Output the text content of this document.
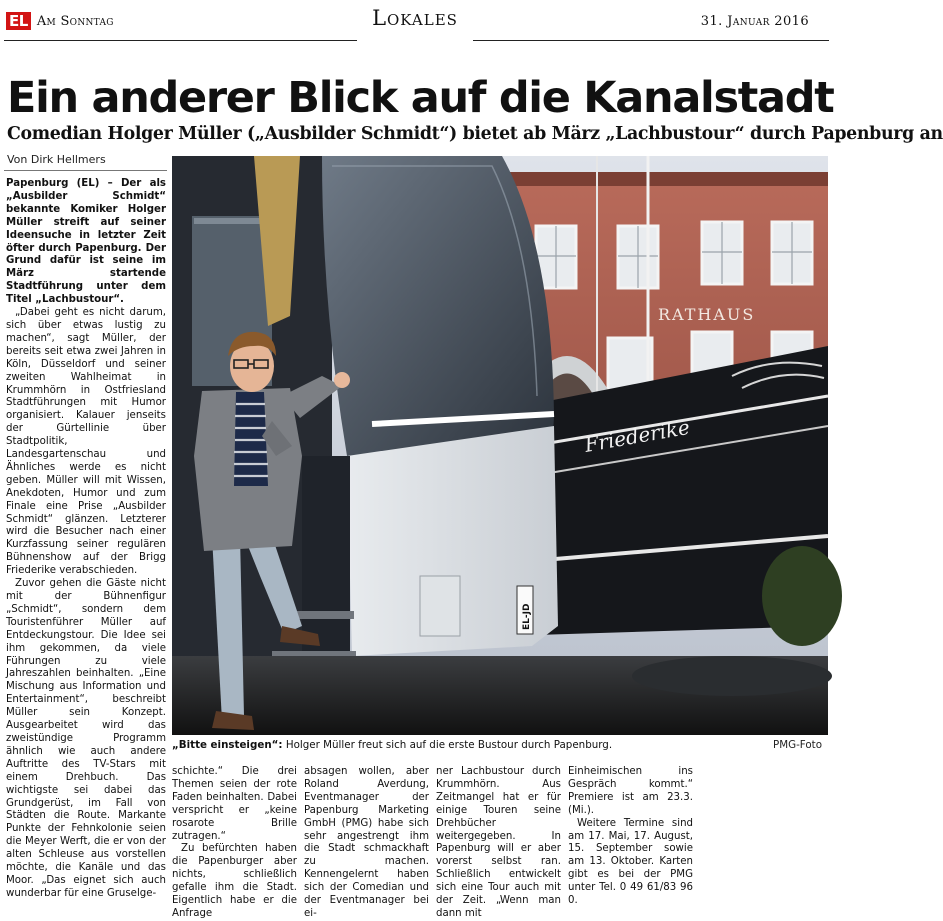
EL Am Sonntag	Lokales	31. Januar 2016
Ein anderer Blick auf die Kanalstadt
Comedian Holger Müller („Ausbilder Schmidt“) bietet ab März „Lachbustour“ durch Papenburg an
Von Dirk Hellmers

Papenburg (EL) – Der als „Ausbilder Schmidt“ bekannte Komiker Holger Müller streift auf seiner Ideensuche in letzter Zeit öfter durch Papenburg. Der Grund dafür ist seine im März startende Stadtführung unter dem Titel „Lachbustour“.

„Dabei geht es nicht darum, sich über etwas lustig zu machen“, sagt Müller, der bereits seit etwa zwei Jahren in Köln, Düsseldorf und seiner zweiten Wahlheimat in Krummhörn in Ostfriesland Stadtführungen mit Humor organisiert. Kalauer jenseits der Gürtellinie über Stadtpolitik, Landesgartenschau und Ähnliches werde es nicht geben. Müller will mit Wissen, Anekdoten, Humor und zum Finale eine Prise „Ausbilder Schmidt“ glänzen. Letzterer wird die Besucher nach einer Kurzfassung seiner regulären Bühnenshow auf der Brigg Friederike verabschieden.

Zuvor gehen die Gäste nicht mit der Bühnenfigur „Schmidt“, sondern dem Touristenführer Müller auf Entdeckungstour. Die Idee sei ihm gekommen, da viele Führungen zu viele Jahreszahlen beinhalten. „Eine Mischung aus Information und Entertainment“, beschreibt Müller sein Konzept. Ausgearbeitet wird das zweistündige Programm ähnlich wie auch andere Auftritte des TV-Stars mit einem Drehbuch. Das wichtigste sei dabei das Grundgerüst, im Fall von Städten die Route. Markante Punkte der Fehnkolonie seien die Meyer Werft, die er von der alten Schleuse aus vorstellen möchte, die Kanäle und das Moor. „Das eignet sich auch wunderbar für eine Gruselge-

RATHAUS
Friederike
EL-JD
„Bitte einsteigen“: Holger Müller freut sich auf die erste Bustour durch Papenburg.	PMG-Foto

schichte.“ Die drei Themen seien der rote Faden beinhalten. Dabei verspricht er „keine rosarote Brille zutragen.“

Zu befürchten haben die Papenburger aber nichts, schließlich gefalle ihm die Stadt. Eigentlich habe er die Anfrage

absagen wollen, aber Roland Averdung, Eventmanager der Papenburg Marketing GmbH (PMG) habe sich sehr angestrengt ihm die Stadt schmackhaft zu machen. Kennengelernt haben sich der Comedian und der Eventmanager bei ei-

ner Lachbustour durch Krummhörn. Aus Zeitmangel hat er für einige Touren seine Drehbücher weitergegeben. In Papenburg will er aber vorerst selbst ran. Schließlich entwickelt sich eine Tour auch mit der Zeit. „Wenn man dann mit

Einheimischen ins Gespräch kommt.“ Premiere ist am 23.3. (Mi.).

Weitere Termine sind am 17. Mai, 17. August, 15. September sowie am 13. Oktober. Karten gibt es bei der PMG unter Tel. 0 49 61/83 96 0.
